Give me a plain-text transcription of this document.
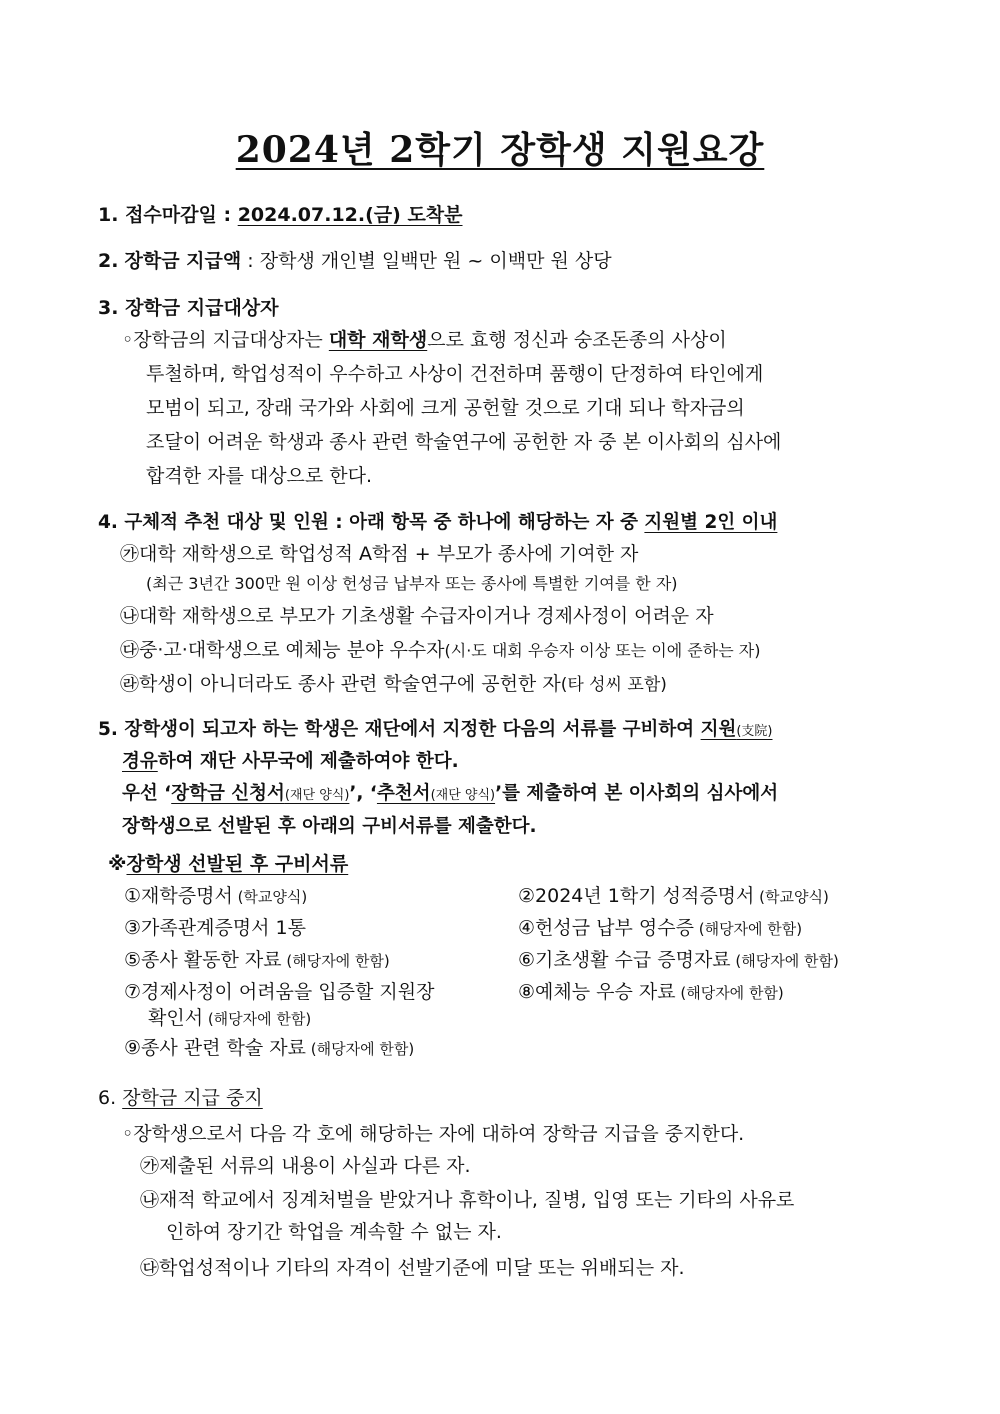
2024년 2학기 장학생 지원요강
1. 접수마감일 : 2024.07.12.(금) 도착분
2. 장학금 지급액 : 장학생 개인별 일백만 원 ~ 이백만 원 상당
3. 장학금 지급대상자
◦장학금의 지급대상자는 대학 재학생으로 효행 정신과 숭조돈종의 사상이
투철하며, 학업성적이 우수하고 사상이 건전하며 품행이 단정하여 타인에게
모범이 되고, 장래 국가와 사회에 크게 공헌할 것으로 기대 되나 학자금의
조달이 어려운 학생과 종사 관련 학술연구에 공헌한 자 중 본 이사회의 심사에
합격한 자를 대상으로 한다.
4. 구체적 추천 대상 및 인원 : 아래 항목 중 하나에 해당하는 자 중 지원별 2인 이내
㉮대학 재학생으로 학업성적 A학점 + 부모가 종사에 기여한 자
(최근 3년간 300만 원 이상 헌성금 납부자 또는 종사에 특별한 기여를 한 자)
㉯대학 재학생으로 부모가 기초생활 수급자이거나 경제사정이 어려운 자
㉰중·고·대학생으로 예체능 분야 우수자(시·도 대회 우승자 이상 또는 이에 준하는 자)
㉱학생이 아니더라도 종사 관련 학술연구에 공헌한 자(타 성씨 포함)
5. 장학생이 되고자 하는 학생은 재단에서 지정한 다음의 서류를 구비하여 지원(支院)
경유하여 재단 사무국에 제출하여야 한다.
우선 ‘장학금 신청서(재단 양식)’, ‘추천서(재단 양식)’를 제출하여 본 이사회의 심사에서
장학생으로 선발된 후 아래의 구비서류를 제출한다.
※장학생 선발된 후 구비서류
①재학증명서 (학교양식)	②2024년 1학기 성적증명서 (학교양식)
③가족관계증명서 1통	④헌성금 납부 영수증 (해당자에 한함)
⑤종사 활동한 자료 (해당자에 한함)	⑥기초생활 수급 증명자료 (해당자에 한함)
⑦경제사정이 어려움을 입증할 지원장	⑧예체능 우승 자료 (해당자에 한함)
확인서 (해당자에 한함)
⑨종사 관련 학술 자료 (해당자에 한함)
6. 장학금 지급 중지
◦장학생으로서 다음 각 호에 해당하는 자에 대하여 장학금 지급을 중지한다.
㉮제출된 서류의 내용이 사실과 다른 자.
㉯재적 학교에서 징계처벌을 받았거나 휴학이나, 질병, 입영 또는 기타의 사유로
인하여 장기간 학업을 계속할 수 없는 자.
㉰학업성적이나 기타의 자격이 선발기준에 미달 또는 위배되는 자.
